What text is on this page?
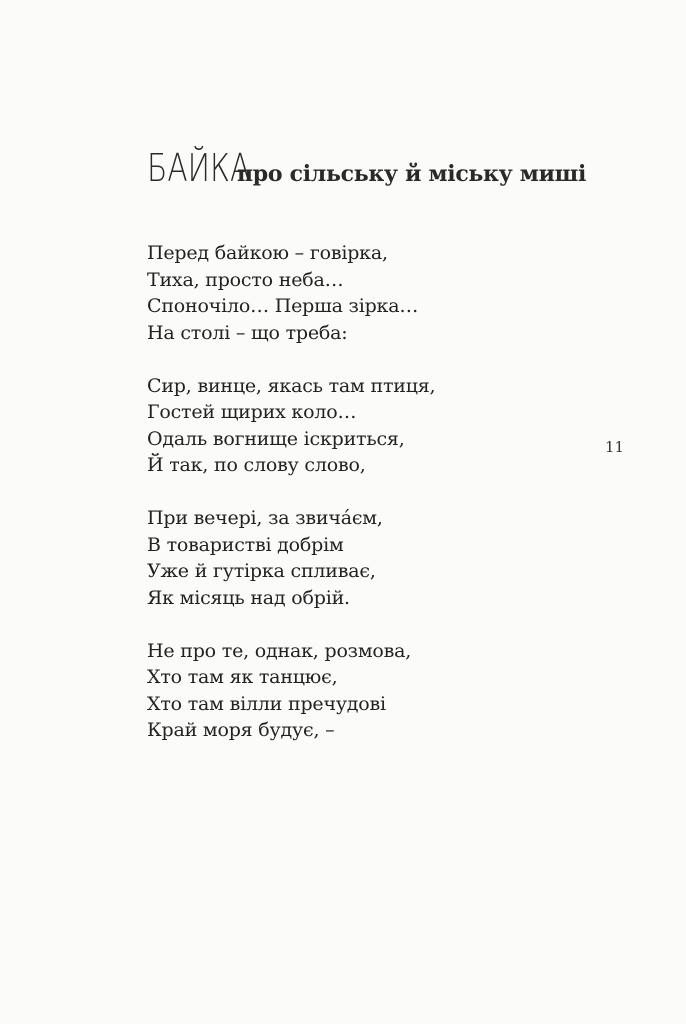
БАЙКА
про сільську й міську миші
Перед байкою – говірка,
Тиха, просто неба…
Споночіло… Перша зірка…
На столі – що треба:
Сир, винце, якась там птиця,
Гостей щирих коло…
Одаль вогнище іскриться,
Й так, по слову слово,
При вечері, за звича́єм,
В товаристві добрім
Уже й гутірка спливає,
Як місяць над обрій.
Не про те, однак, розмова,
Хто там як танцює,
Хто там вілли пречудові
Край моря будує, –
11
